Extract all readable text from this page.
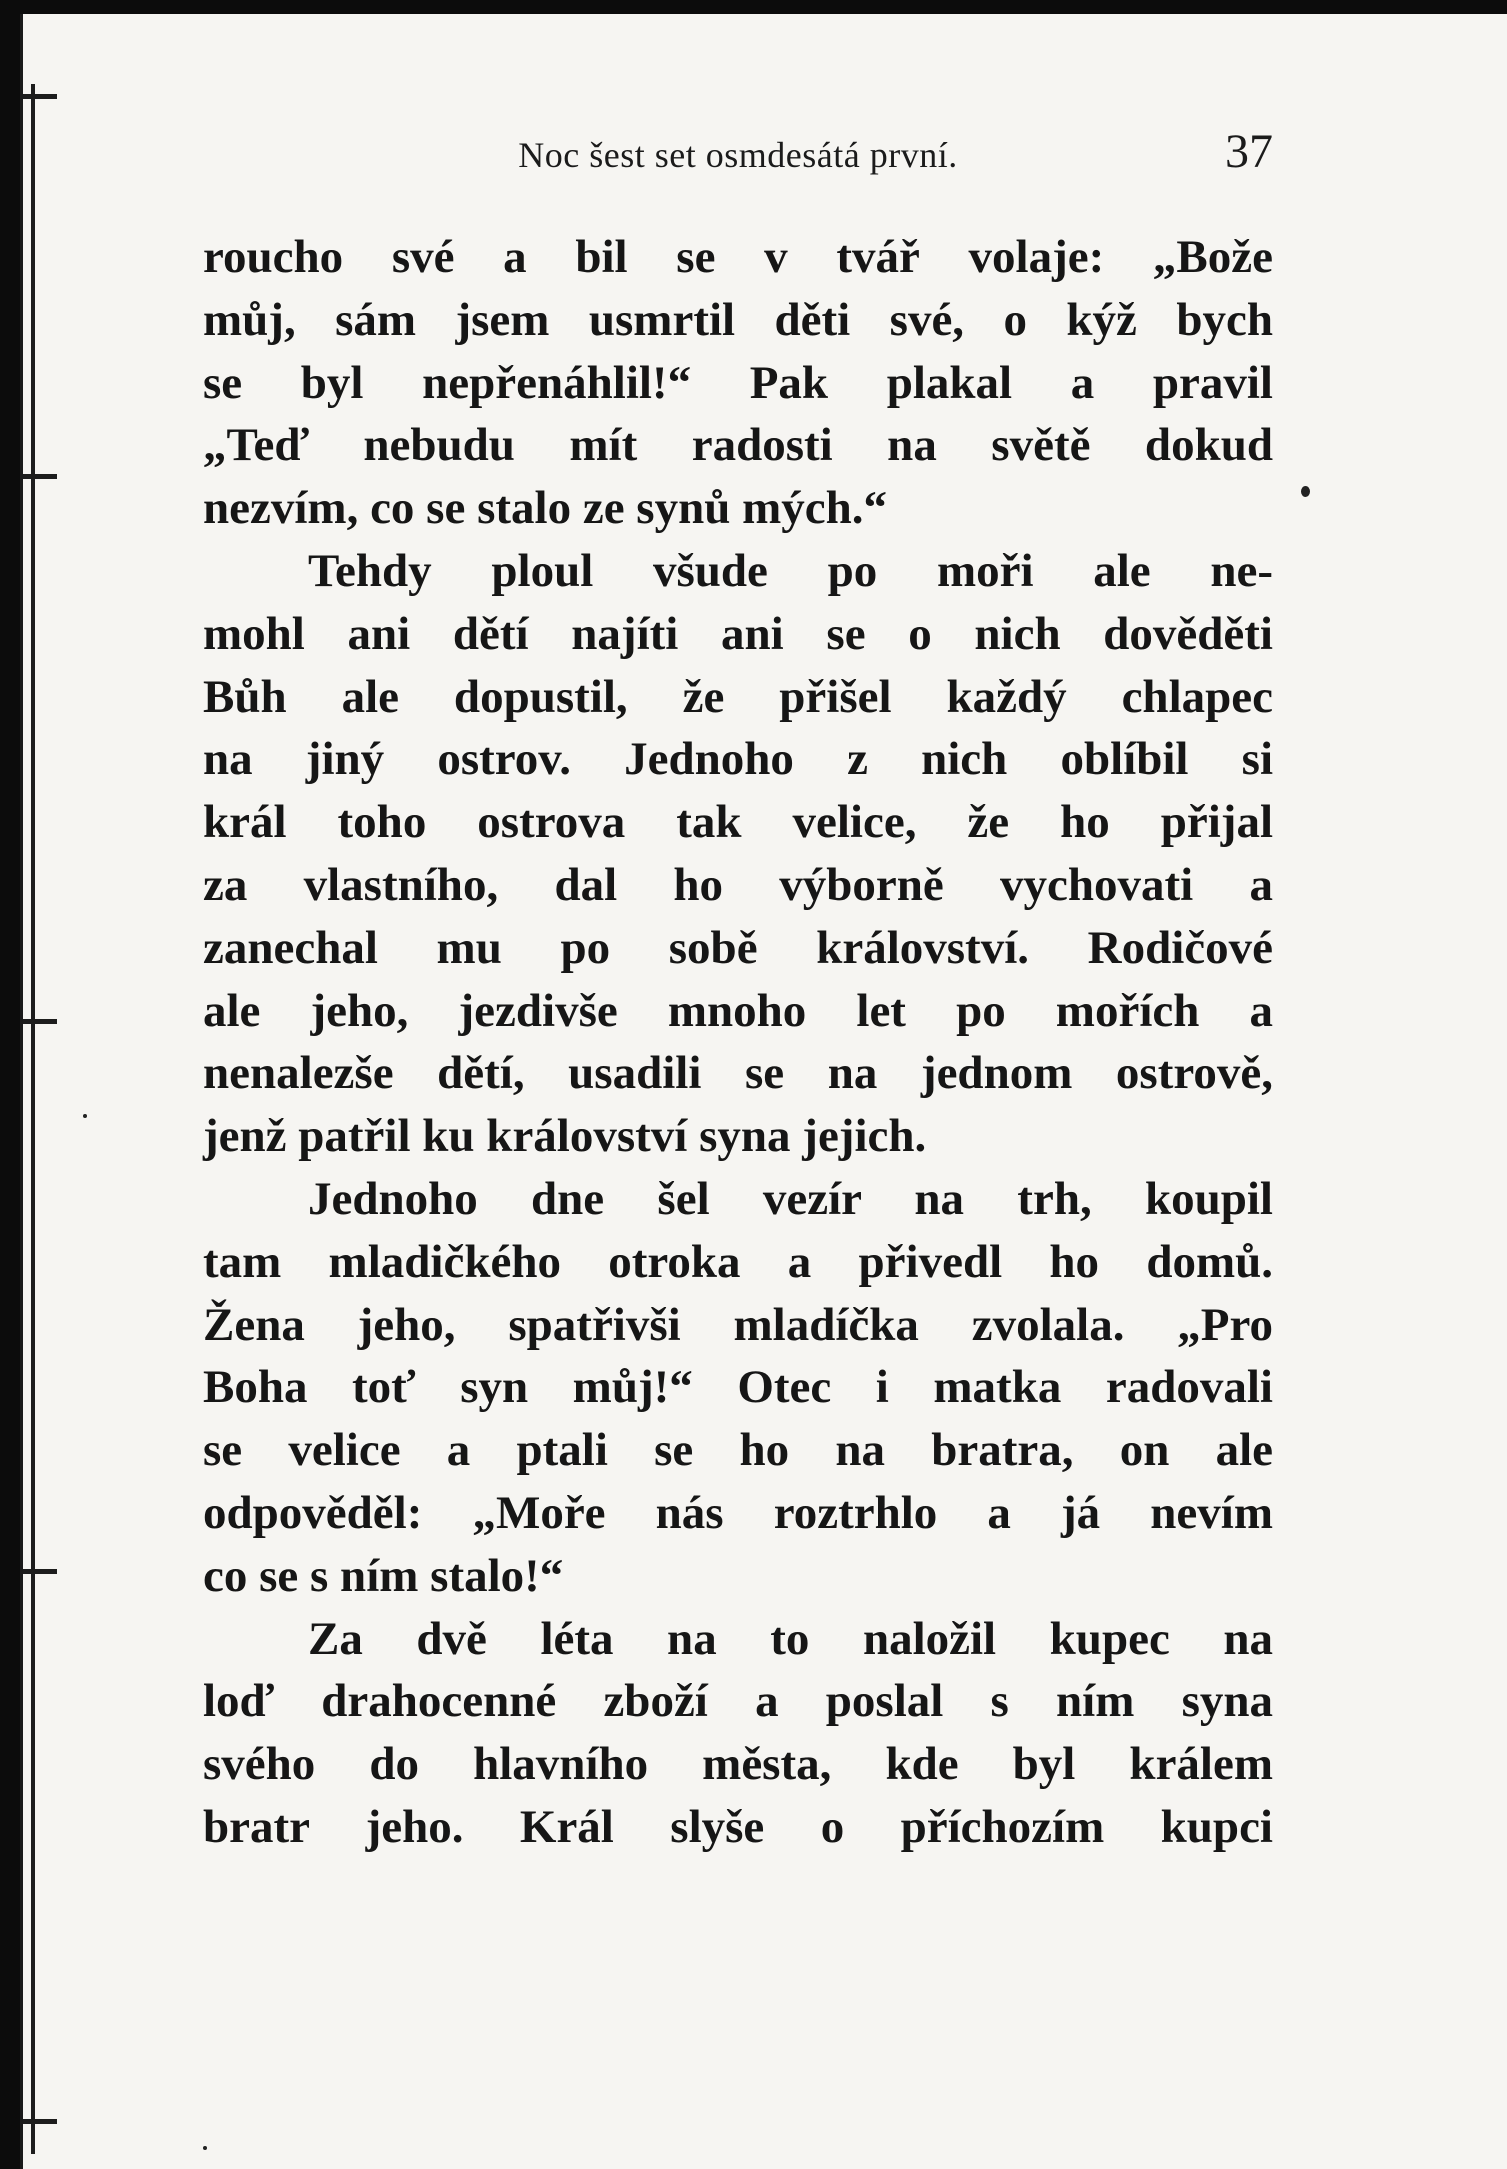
Noc šest set osmdesátá první.	37
roucho své a bil se v tvář volaje: „Bože
můj, sám jsem usmrtil děti své, o kýž bych
se byl nepřenáhlil!“ Pak plakal a pravil
„Teď nebudu mít radosti na světě dokud
nezvím, co se stalo ze synů mých.“
Tehdy ploul všude po moři ale ne-
mohl ani dětí najíti ani se o nich dověděti
Bůh ale dopustil, že přišel každý chlapec
na jiný ostrov. Jednoho z nich oblíbil si
král toho ostrova tak velice, že ho přijal
za vlastního, dal ho výborně vychovati a
zanechal mu po sobě království. Rodičové
ale jeho, jezdivše mnoho let po mořích a
nenalezše dětí, usadili se na jednom ostrově,
jenž patřil ku království syna jejich.
Jednoho dne šel vezír na trh, koupil
tam mladičkého otroka a přivedl ho domů.
Žena jeho, spatřivši mladíčka zvolala. „Pro
Boha toť syn můj!“ Otec i matka radovali
se velice a ptali se ho na bratra, on ale
odpověděl: „Moře nás roztrhlo a já nevím
co se s ním stalo!“
Za dvě léta na to naložil kupec na
loď drahocenné zboží a poslal s ním syna
svého do hlavního města, kde byl králem
bratr jeho. Král slyše o příchozím kupci
